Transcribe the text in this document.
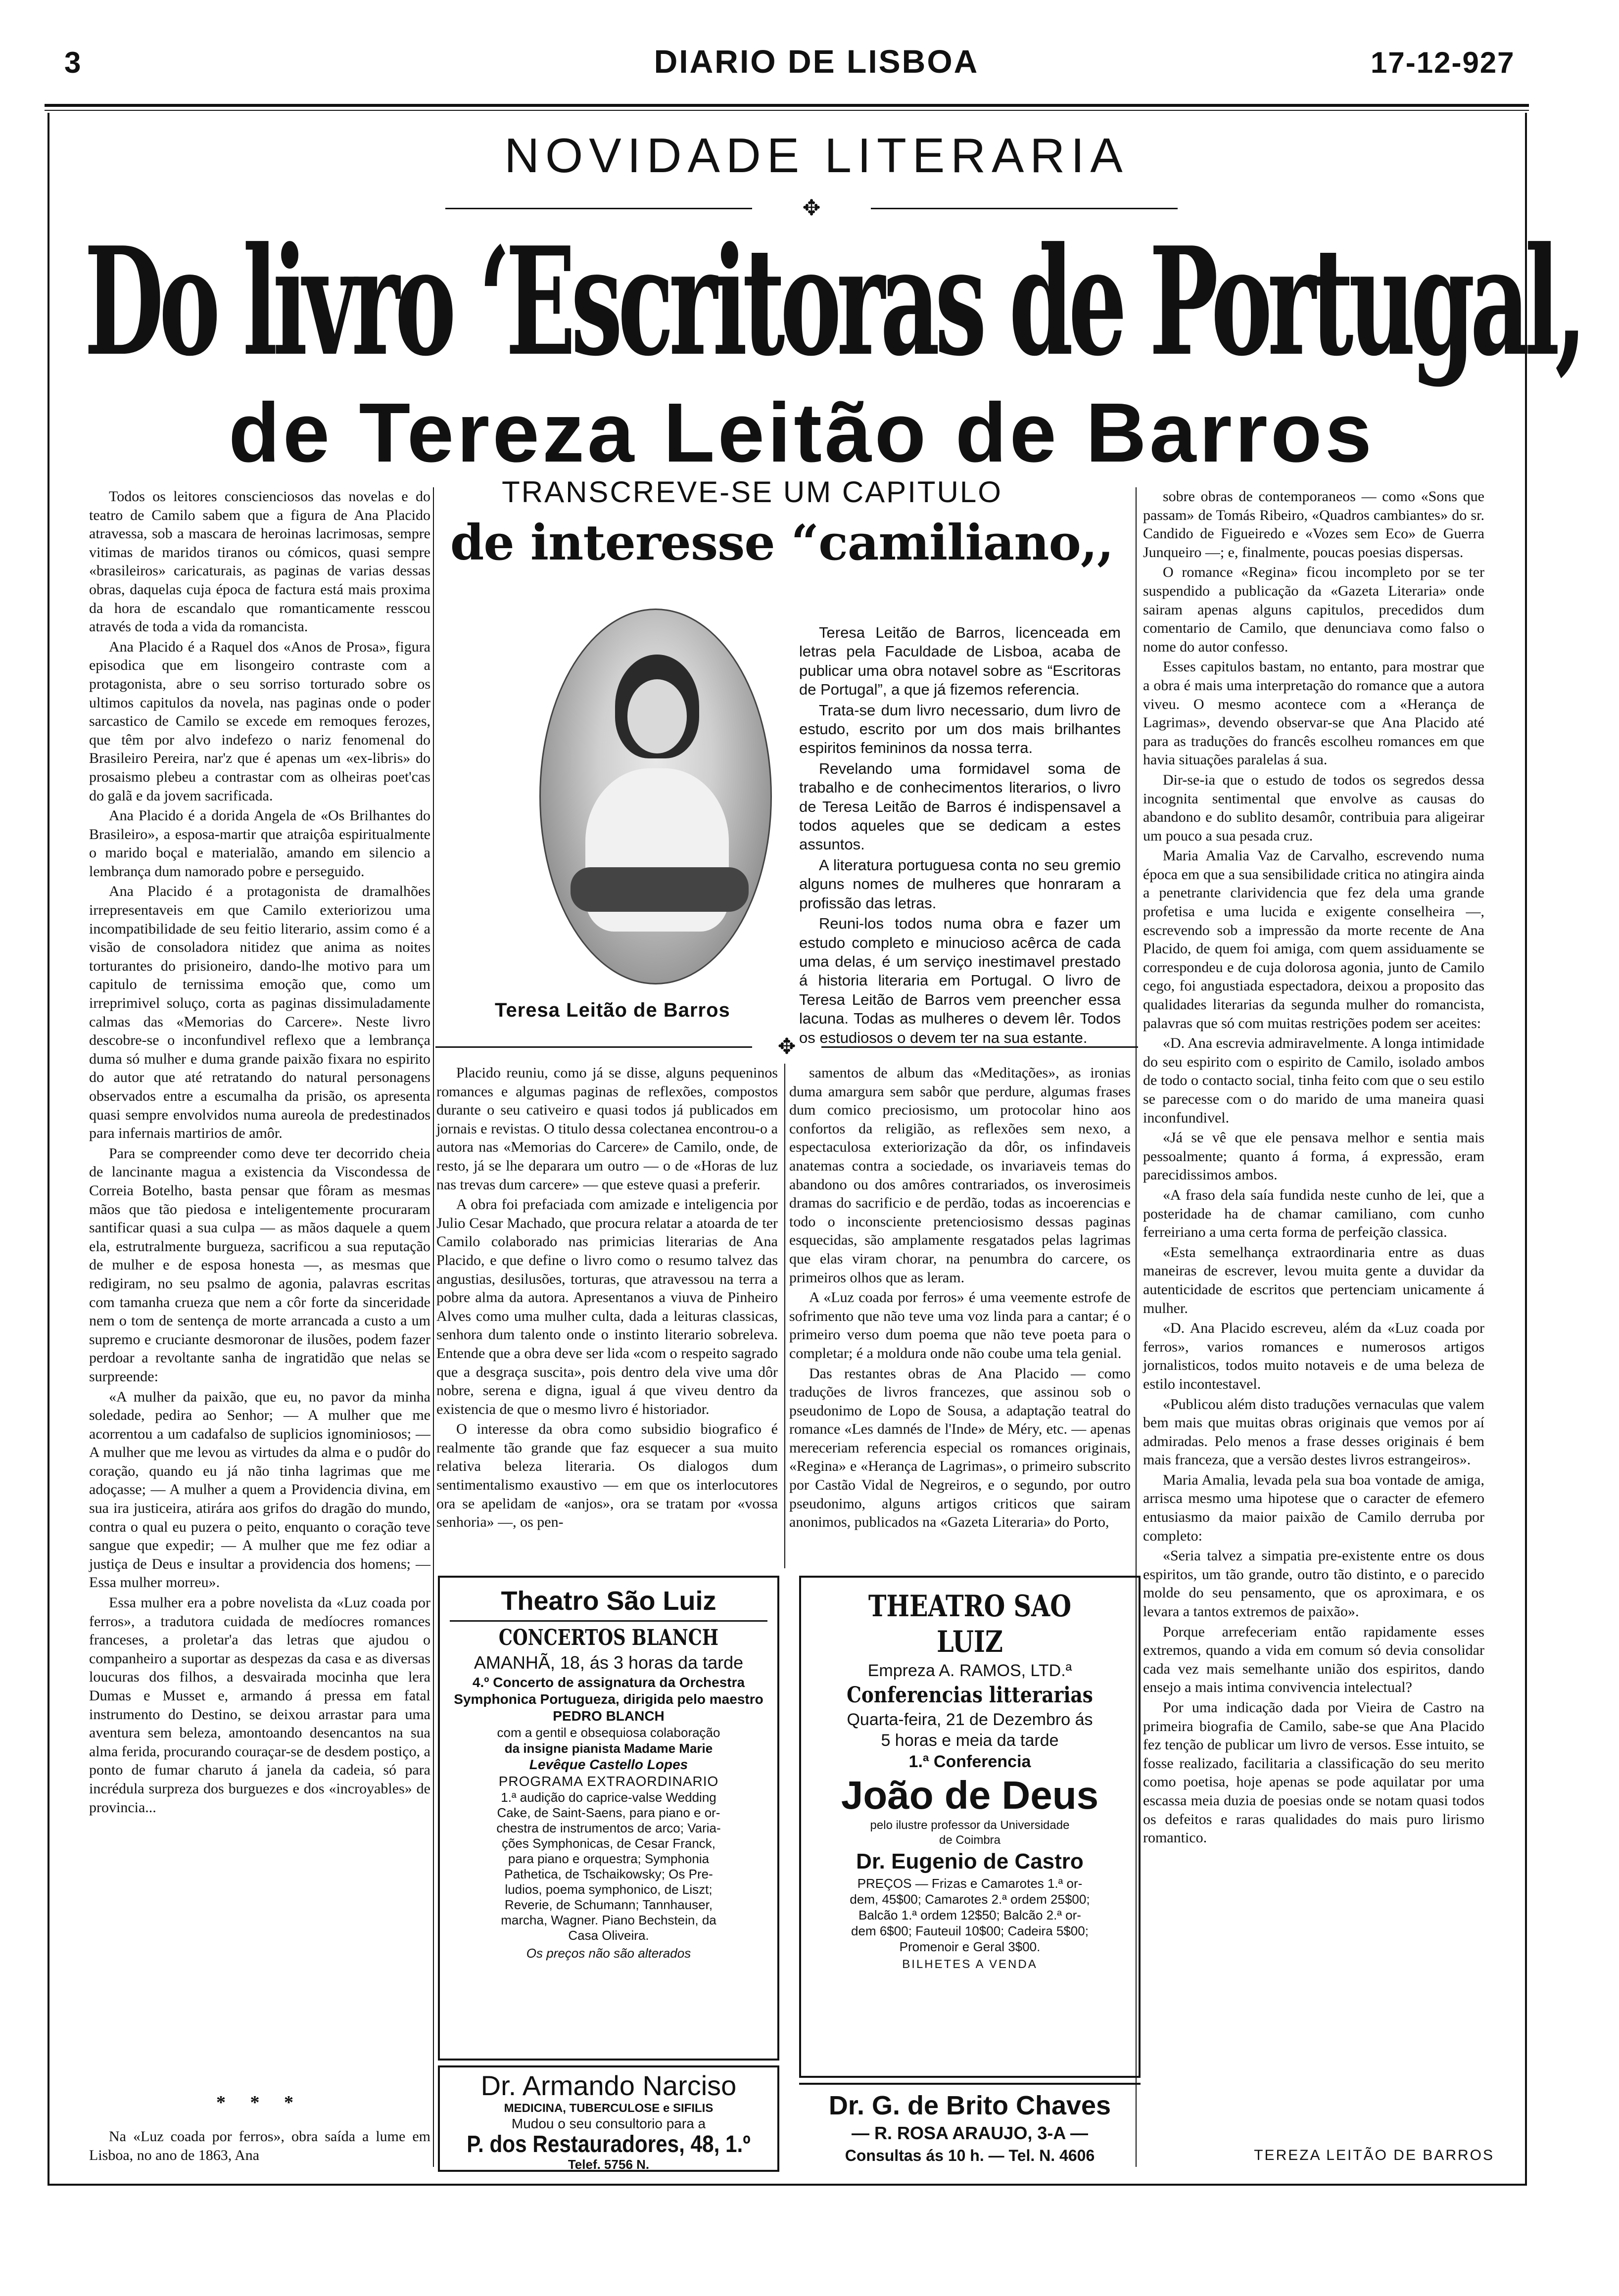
3	DIARIO DE LISBOA	17-12-927
NOVIDADE LITERARIA
✥
Do livro ‘Escritoras de Portugal,
de Tereza Leitão de Barros

Todos os leitores conscienciosos das novelas e do teatro de Camilo sabem que a figura de Ana Placido atravessa, sob a mascara de heroinas lacrimosas, sempre vitimas de maridos tiranos ou cómicos, quasi sempre «brasileiros» caricaturais, as paginas de varias dessas obras, daquelas cuja época de factura está mais proxima da hora de escandalo que romanticamente resscou através de toda a vida da romancista.

Ana Placido é a Raquel dos «Anos de Prosa», figura episodica que em lisongeiro contraste com a protagonista, abre o seu sorriso torturado sobre os ultimos capitulos da novela, nas paginas onde o poder sarcastico de Camilo se excede em remoques ferozes, que têm por alvo indefezo o nariz fenomenal do Brasileiro Pereira, nar'z que é apenas um «ex-libris» do prosaismo plebeu a contrastar com as olheiras poet'cas do galã e da jovem sacrificada.

Ana Placido é a dorida Angela de «Os Brilhantes do Brasileiro», a esposa-martir que atraiçôa espiritualmente o marido boçal e materialão, amando em silencio a lembrança dum namorado pobre e perseguido.

Ana Placido é a protagonista de dramalhões irrepresentaveis em que Camilo exteriorizou uma incompatibilidade de seu feitio literario, assim como é a visão de consoladora nitidez que anima as noites torturantes do prisioneiro, dando-lhe motivo para um capitulo de ternissima emoção que, como um irreprimivel soluço, corta as paginas dissimuladamente calmas das «Memorias do Carcere». Neste livro descobre-se o inconfundivel reflexo que a lembrança duma só mulher e duma grande paixão fixara no espirito do autor que até retratando do natural personagens observados entre a escumalha da prisão, os apresenta quasi sempre envolvidos numa aureola de predestinados para infernais martirios de amôr.

Para se compreender como deve ter decorrido cheia de lancinante magua a existencia da Viscondessa de Correia Botelho, basta pensar que fôram as mesmas mãos que tão piedosa e inteligentemente procuraram santificar quasi a sua culpa — as mãos daquele a quem ela, estrutralmente burgueza, sacrificou a sua reputação de mulher e de esposa honesta —, as mesmas que redigiram, no seu psalmo de agonia, palavras escritas com tamanha crueza que nem a côr forte da sinceridade nem o tom de sentença de morte arrancada a custo a um supremo e cruciante desmoronar de ilusões, podem fazer perdoar a revoltante sanha de ingratidão que nelas se surpreende:

«A mulher da paixão, que eu, no pavor da minha soledade, pedira ao Senhor; — A mulher que me acorrentou a um cadafalso de suplicios ignominiosos; — A mulher que me levou as virtudes da alma e o pudôr do coração, quando eu já não tinha lagrimas que me adoçasse; — A mulher a quem a Providencia divina, em sua ira justiceira, atirára aos grifos do dragão do mundo, contra o qual eu puzera o peito, enquanto o coração teve sangue que expedir; — A mulher que me fez odiar a justiça de Deus e insultar a providencia dos homens; — Essa mulher morreu».

Essa mulher era a pobre novelista da «Luz coada por ferros», a tradutora cuidada de medíocres romances franceses, a proletar'a das letras que ajudou o companheiro a suportar as despezas da casa e as diversas loucuras dos filhos, a desvairada mocinha que lera Dumas e Musset e, armando á pressa em fatal instrumento do Destino, se deixou arrastar para uma aventura sem beleza, amontoando desencantos na sua alma ferida, procurando couraçar-se de desdem postiço, a ponto de fumar charuto á janela da cadeia, só para incrédula surpreza dos burguezes e dos «incroyables» de provincia...

* * *

Na «Luz coada por ferros», obra saída a lume em Lisboa, no ano de 1863, Ana

TRANSCREVE-SE UM CAPITULO
de interesse “camiliano,,
Teresa Leitão de Barros

Teresa Leitão de Barros, licenceada em letras pela Faculdade de Lisboa, acaba de publicar uma obra notavel sobre as “Escritoras de Portugal”, a que já fizemos referencia.

Trata-se dum livro necessario, dum livro de estudo, escrito por um dos mais brilhantes espiritos femininos da nossa terra.

Revelando uma formidavel soma de trabalho e de conhecimentos literarios, o livro de Teresa Leitão de Barros é indispensavel a todos aqueles que se dedicam a estes assuntos.

A literatura portuguesa conta no seu gremio alguns nomes de mulheres que honraram a profissão das letras.

Reuni-los todos numa obra e fazer um estudo completo e minucioso acêrca de cada uma delas, é um serviço inestimavel prestado á historia literaria em Portugal. O livro de Teresa Leitão de Barros vem preencher essa lacuna. Todas as mulheres o devem lêr. Todos os estudiosos o devem ter na sua estante.

✥

Placido reuniu, como já se disse, alguns pequeninos romances e algumas paginas de reflexões, compostos durante o seu cativeiro e quasi todos já publicados em jornais e revistas. O titulo dessa colectanea encontrou-o a autora nas «Memorias do Carcere» de Camilo, onde, de resto, já se lhe deparara um outro — o de «Horas de luz nas trevas dum carcere» — que esteve quasi a preferir.

A obra foi prefaciada com amizade e inteligencia por Julio Cesar Machado, que procura relatar a atoarda de ter Camilo colaborado nas primicias literarias de Ana Placido, e que define o livro como o resumo talvez das angustias, desilusões, torturas, que atravessou na terra a pobre alma da autora. Apresentanos a viuva de Pinheiro Alves como uma mulher culta, dada a leituras classicas, senhora dum talento onde o instinto literario sobreleva. Entende que a obra deve ser lida «com o respeito sagrado que a desgraça suscita», pois dentro dela vive uma dôr nobre, serena e digna, igual á que viveu dentro da existencia de que o mesmo livro é historiador.

O interesse da obra como subsidio biografico é realmente tão grande que faz esquecer a sua muito relativa beleza literaria. Os dialogos dum sentimentalismo exaustivo — em que os interlocutores ora se apelidam de «anjos», ora se tratam por «vossa senhoria» —, os pen-

samentos de album das «Meditações», as ironias duma amargura sem sabôr que perdure, algumas frases dum comico preciosismo, um protocolar hino aos confortos da religião, as reflexões sem nexo, a espectaculosa exteriorização da dôr, os infindaveis anatemas contra a sociedade, os invariaveis temas do abandono ou dos amôres contrariados, os inverosimeis dramas do sacrificio e de perdão, todas as incoerencias e todo o inconsciente pretenciosismo dessas paginas esquecidas, são amplamente resgatados pelas lagrimas que elas viram chorar, na penumbra do carcere, os primeiros olhos que as leram.

A «Luz coada por ferros» é uma veemente estrofe de sofrimento que não teve uma voz linda para a cantar; é o primeiro verso dum poema que não teve poeta para o completar; é a moldura onde não coube uma tela genial.

Das restantes obras de Ana Placido — como traduções de livros francezes, que assinou sob o pseudonimo de Lopo de Sousa, a adaptação teatral do romance «Les damnés de l'Inde» de Méry, etc. — apenas mereceriam referencia especial os romances originais, «Regina» e «Herança de Lagrimas», o primeiro subscrito por Castão Vidal de Negreiros, e o segundo, por outro pseudonimo, alguns artigos criticos que sairam anonimos, publicados na «Gazeta Literaria» do Porto,

sobre obras de contemporaneos — como «Sons que passam» de Tomás Ribeiro, «Quadros cambiantes» do sr. Candido de Figueiredo e «Vozes sem Eco» de Guerra Junqueiro —; e, finalmente, poucas poesias dispersas.

O romance «Regina» ficou incompleto por se ter suspendido a publicação da «Gazeta Literaria» onde sairam apenas alguns capitulos, precedidos dum comentario de Camilo, que denunciava como falso o nome do autor confesso.

Esses capitulos bastam, no entanto, para mostrar que a obra é mais uma interpretação do romance que a autora viveu. O mesmo acontece com a «Herança de Lagrimas», devendo observar-se que Ana Placido até para as traduções do francês escolheu romances em que havia situações paralelas á sua.

Dir-se-ia que o estudo de todos os segredos dessa incognita sentimental que envolve as causas do abandono e do sublito desamôr, contribuia para aligeirar um pouco a sua pesada cruz.

Maria Amalia Vaz de Carvalho, escrevendo numa época em que a sua sensibilidade critica no atingira ainda a penetrante clarividencia que fez dela uma grande profetisa e uma lucida e exigente conselheira —, escrevendo sob a impressão da morte recente de Ana Placido, de quem foi amiga, com quem assiduamente se correspondeu e de cuja dolorosa agonia, junto de Camilo cego, foi angustiada espectadora, deixou a proposito das qualidades literarias da segunda mulher do romancista, palavras que só com muitas restrições podem ser aceites:

«D. Ana escrevia admiravelmente. A longa intimidade do seu espirito com o espirito de Camilo, isolado ambos de todo o contacto social, tinha feito com que o seu estilo se parecesse com o do marido de uma maneira quasi inconfundivel.

«Já se vê que ele pensava melhor e sentia mais pessoalmente; quanto á forma, á expressão, eram parecidissimos ambos.

«A fraso dela saía fundida neste cunho de lei, que a posteridade ha de chamar camiliano, com cunho ferreiriano a uma certa forma de perfeição classica.

«Esta semelhança extraordinaria entre as duas maneiras de escrever, levou muita gente a duvidar da autenticidade de escritos que pertenciam unicamente á mulher.

«D. Ana Placido escreveu, além da «Luz coada por ferros», varios romances e numerosos artigos jornalisticos, todos muito notaveis e de uma beleza de estilo incontestavel.

«Publicou além disto traduções vernaculas que valem bem mais que muitas obras originais que vemos por aí admiradas. Pelo menos a frase desses originais é bem mais franceza, que a versão destes livros estrangeiros».

Maria Amalia, levada pela sua boa vontade de amiga, arrisca mesmo uma hipotese que o caracter de efemero entusiasmo da maior paixão de Camilo derruba por completo:

«Seria talvez a simpatia pre-existente entre os dous espiritos, um tão grande, outro tão distinto, e o parecido molde do seu pensamento, que os aproximara, e os levara a tantos extremos de paixão».

Porque arrefeceriam então rapidamente esses extremos, quando a vida em comum só devia consolidar cada vez mais semelhante união dos espiritos, dando ensejo a mais intima convivencia intelectual?

Por uma indicação dada por Vieira de Castro na primeira biografia de Camilo, sabe-se que Ana Placido fez tenção de publicar um livro de versos. Esse intuito, se fosse realizado, facilitaria a classificação do seu merito como poetisa, hoje apenas se pode aquilatar por uma escassa meia duzia de poesias onde se notam quasi todos os defeitos e raras qualidades do mais puro lirismo romantico.

TEREZA LEITÃO DE BARROS
Theatro São Luiz
CONCERTOS BLANCH
AMANHÃ, 18, ás 3 horas da tarde
4.º Concerto de assignatura da Orchestra
Symphonica Portugueza, dirigida pelo maestro
PEDRO BLANCH
com a gentil e obsequiosa colaboração
da insigne pianista Madame Marie
Levêque Castello Lopes
PROGRAMA EXTRAORDINARIO
1.ª audição do caprice-valse Wedding
Cake, de Saint-Saens, para piano e or-
chestra de instrumentos de arco; Varia-
ções Symphonicas, de Cesar Franck,
para piano e orquestra; Symphonia
Pathetica, de Tschaikowsky; Os Pre-
ludios, poema symphonico, de Liszt;
Reverie, de Schumann; Tannhauser,
marcha, Wagner. Piano Bechstein, da
Casa Oliveira.
Os preços não são alterados
Dr. Armando Narciso
MEDICINA, TUBERCULOSE e SIFILIS
Mudou o seu consultorio para a
P. dos Restauradores, 48, 1.º
Telef. 5756 N.
THEATRO SAO LUIZ
Empreza A. RAMOS, LTD.ª
Conferencias litterarias
Quarta-feira, 21 de Dezembro ás
5 horas e meia da tarde
1.ª Conferencia
João de Deus
pelo ilustre professor da Universidade
de Coimbra
Dr. Eugenio de Castro
PREÇOS — Frizas e Camarotes 1.ª or-
dem, 45$00; Camarotes 2.ª ordem 25$00;
Balcão 1.ª ordem 12$50; Balcão 2.ª or-
dem 6$00; Fauteuil 10$00; Cadeira 5$00;
Promenoir e Geral 3$00.
BILHETES A VENDA
Dr. G. de Brito Chaves
— R. ROSA ARAUJO, 3-A —
Consultas ás 10 h. — Tel. N. 4606
